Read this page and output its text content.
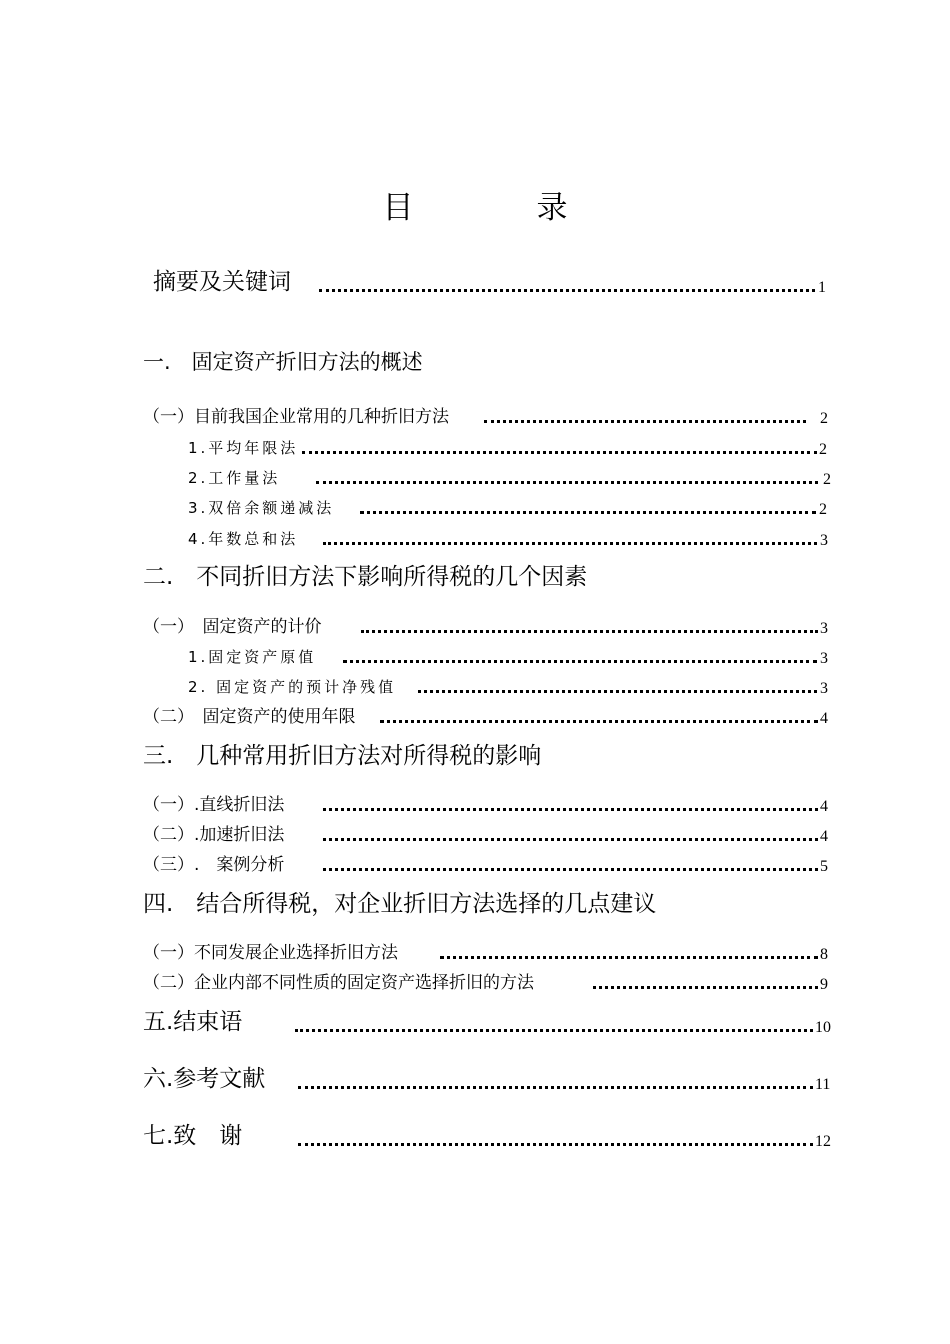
目　录
摘要及关键词	1
一.　固定资产折旧方法的概述
（一）目前我国企业常用的几种折旧方法	2
1.平均年限法	2
2.工作量法	2
3.双倍余额递减法	2
4.年数总和法	3
二.　不同折旧方法下影响所得税的几个因素
（一）　固定资产的计价	3
1.固定资产原值	3
2. 固定资产的预计净残值	3
（二）　固定资产的使用年限	4
三.　几种常用折旧方法对所得税的影响
（一）.直线折旧法	4
（二）.加速折旧法	4
（三）.　案例分析	5
四.　结合所得税，对企业折旧方法选择的几点建议
（一）不同发展企业选择折旧方法	8
（二）企业内部不同性质的固定资产选择折旧的方法	9
五.结束语	10
六.参考文献	11
七.致　谢	12
